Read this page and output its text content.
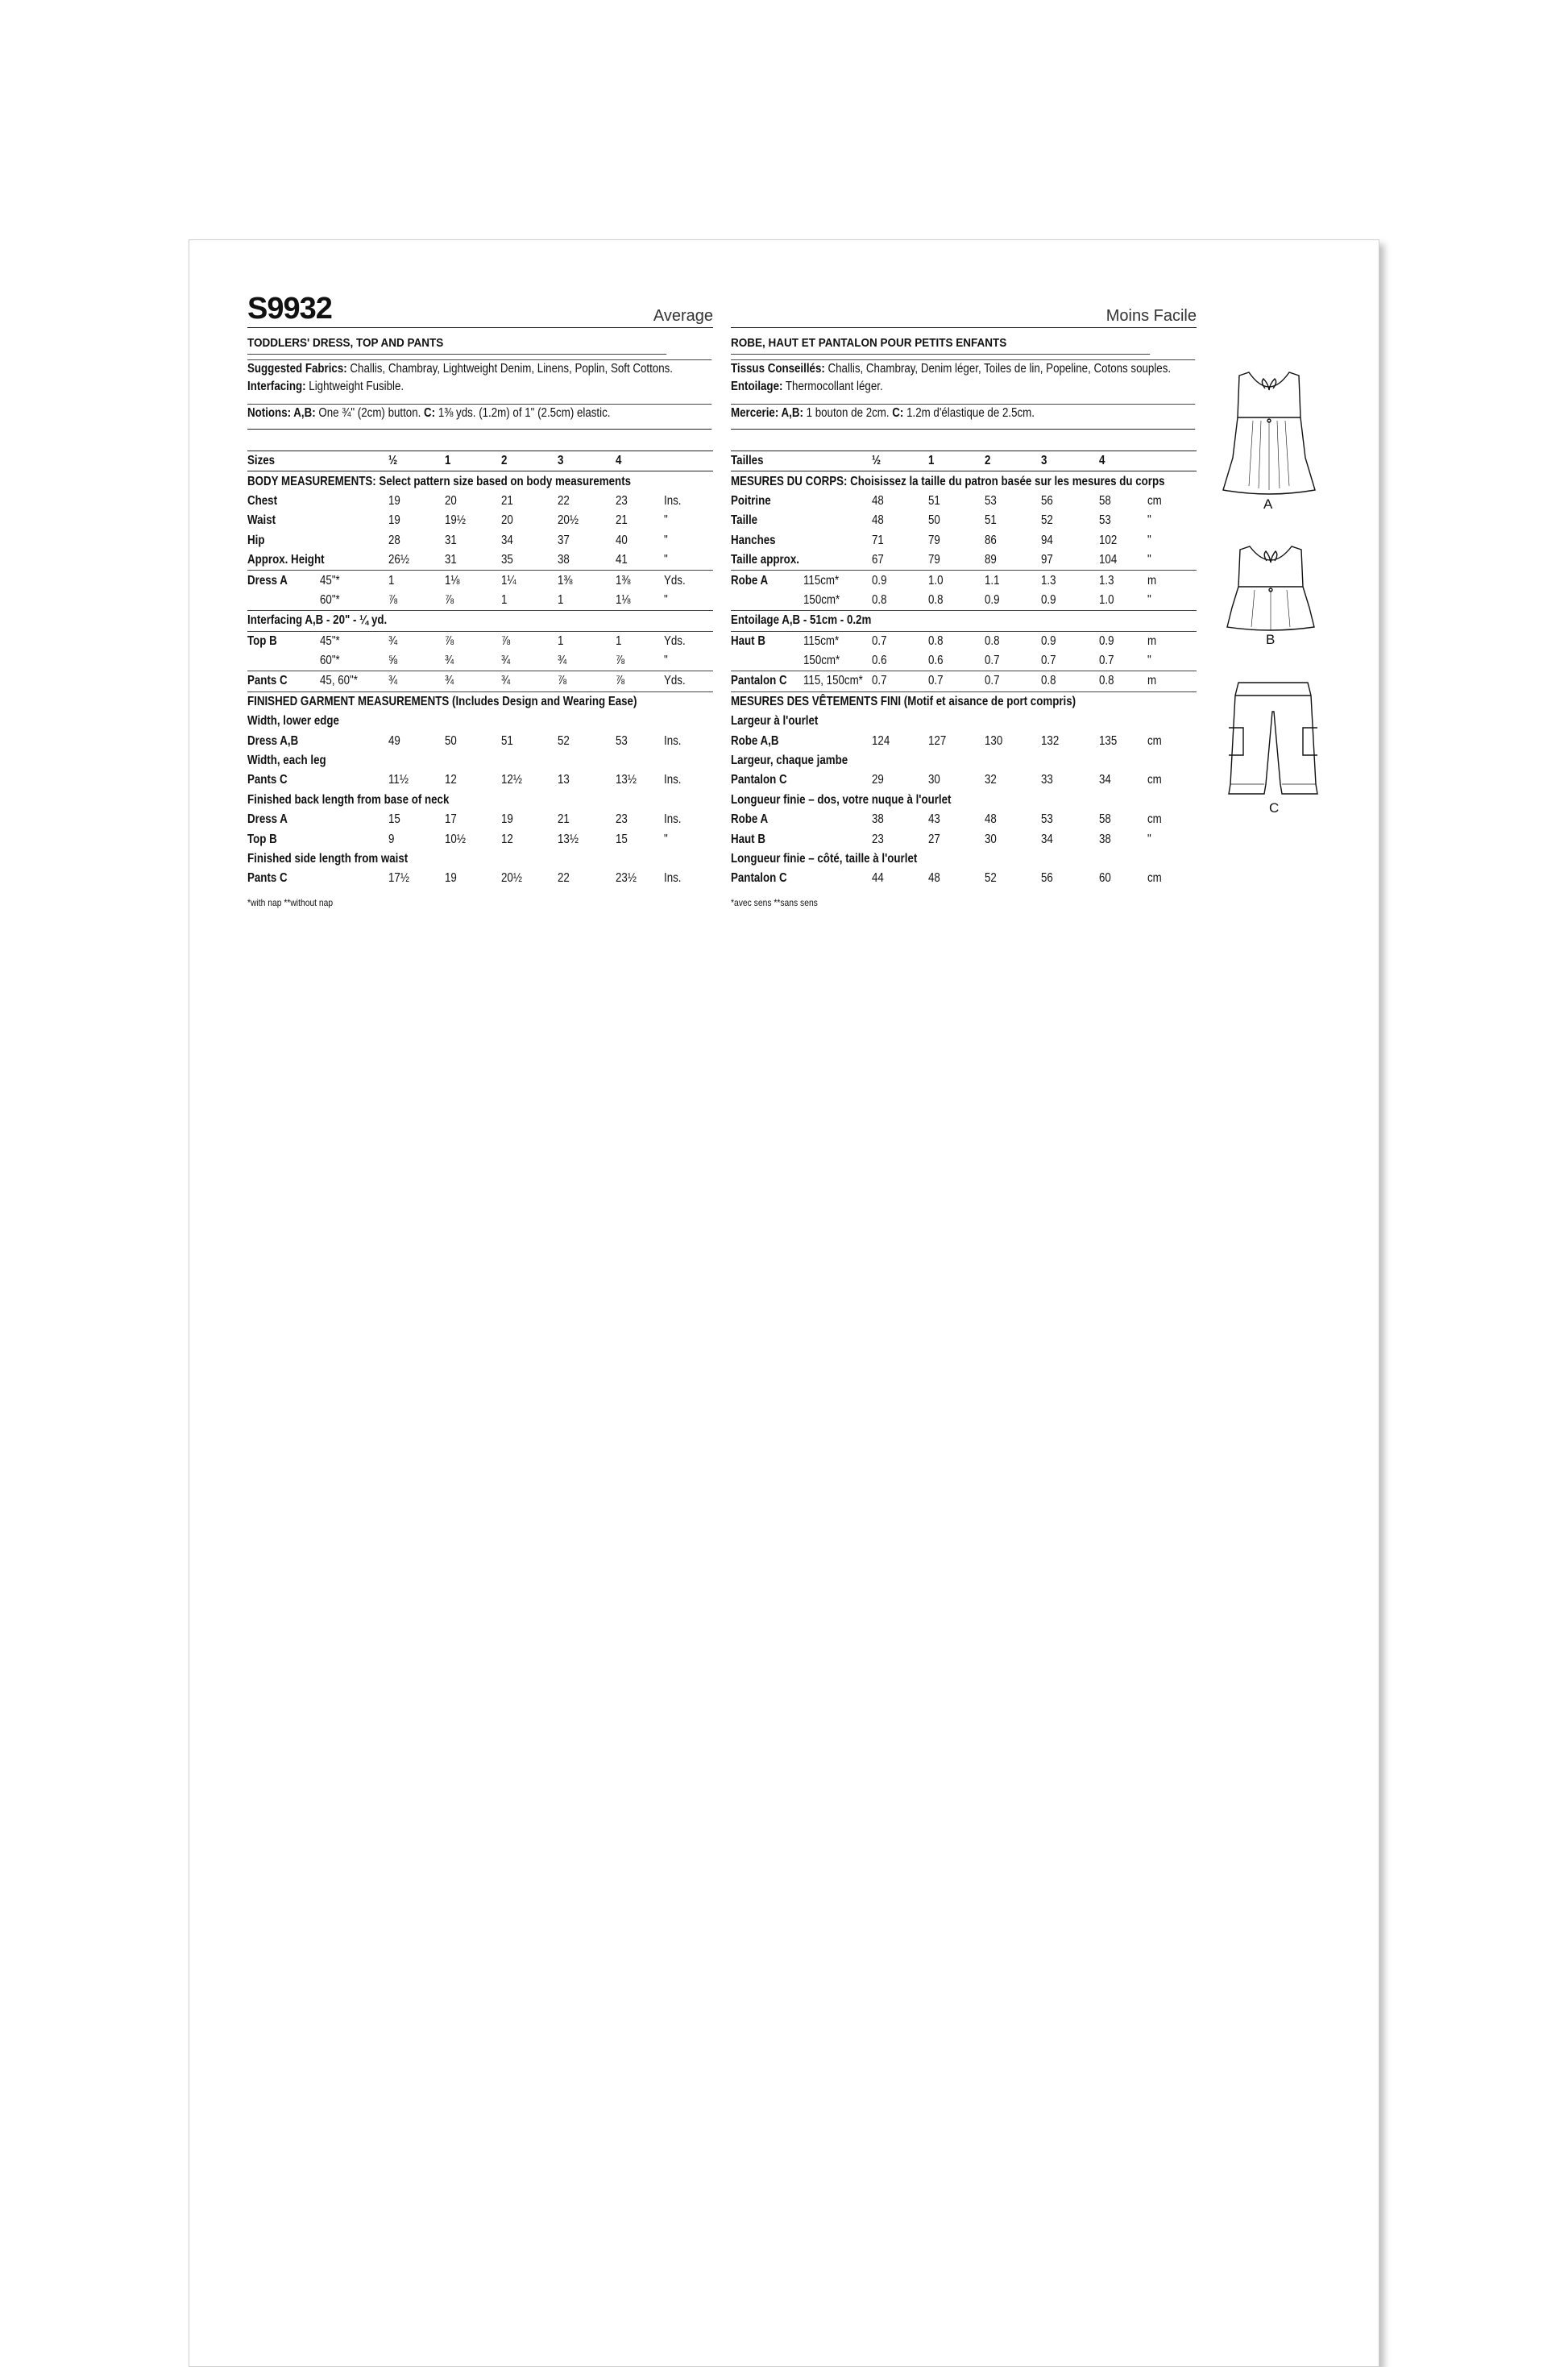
S9932	Average
TODDLERS' DRESS, TOP AND PANTS
Suggested Fabrics: Challis, Chambray, Lightweight Denim, Linens, Poplin, Soft Cottons. Interfacing: Lightweight Fusible.
Notions: A,B: One ¾" (2cm) button. C: 1⅜ yds. (1.2m) of 1" (2.5cm) elastic.
Sizes		½	1	2	3	4	
BODY MEASUREMENTS: Select pattern size based on body measurements							
Chest		19	20	21	22	23	Ins.
Waist		19	19½	20	20½	21	"
Hip		28	31	34	37	40	"
Approx. Height		26½	31	35	38	41	"
Dress A	45"*	1	1⅛	1¼	1⅜	1⅜	Yds.
	60"*	⅞	⅞	1	1	1⅛	"
Interfacing A,B - 20" - ¼ yd.							
Top B	45"*	¾	⅞	⅞	1	1	Yds.
	60"*	⅝	¾	¾	¾	⅞	"
Pants C	45, 60"*	¾	¾	¾	⅞	⅞	Yds.
FINISHED GARMENT MEASUREMENTS (Includes Design and Wearing Ease)							
Width, lower edge							
Dress A,B		49	50	51	52	53	Ins.
Width, each leg							
Pants C		11½	12	12½	13	13½	Ins.
Finished back length from base of neck							
Dress A		15	17	19	21	23	Ins.
Top B		9	10½	12	13½	15	"
Finished side length from waist							
Pants C		17½	19	20½	22	23½	Ins.
*with nap **without nap
Moins Facile
ROBE, HAUT ET PANTALON POUR PETITS ENFANTS
Tissus Conseillés: Challis, Chambray, Denim léger, Toiles de lin, Popeline, Cotons souples. Entoilage: Thermocollant léger.
Mercerie: A,B: 1 bouton de 2cm. C: 1.2m d'élastique de 2.5cm.
Tailles		½	1	2	3	4	
MESURES DU CORPS: Choisissez la taille du patron basée sur les mesures du corps							
Poitrine		48	51	53	56	58	cm
Taille		48	50	51	52	53	"
Hanches		71	79	86	94	102	"
Taille approx.		67	79	89	97	104	"
Robe A	115cm*	0.9	1.0	1.1	1.3	1.3	m
	150cm*	0.8	0.8	0.9	0.9	1.0	"
Entoilage A,B - 51cm - 0.2m							
Haut B	115cm*	0.7	0.8	0.8	0.9	0.9	m
	150cm*	0.6	0.6	0.7	0.7	0.7	"
Pantalon C	115, 150cm*	0.7	0.7	0.7	0.8	0.8	m
MESURES DES VÊTEMENTS FINI (Motif et aisance de port compris)							
Largeur à l'ourlet							
Robe A,B		124	127	130	132	135	cm
Largeur, chaque jambe							
Pantalon C		29	30	32	33	34	cm
Longueur finie – dos, votre nuque à l'ourlet							
Robe A		38	43	48	53	58	cm
Haut B		23	27	30	34	38	"
Longueur finie – côté, taille à l'ourlet							
Pantalon C		44	48	52	56	60	cm
*avec sens **sans sens
A
B
C
